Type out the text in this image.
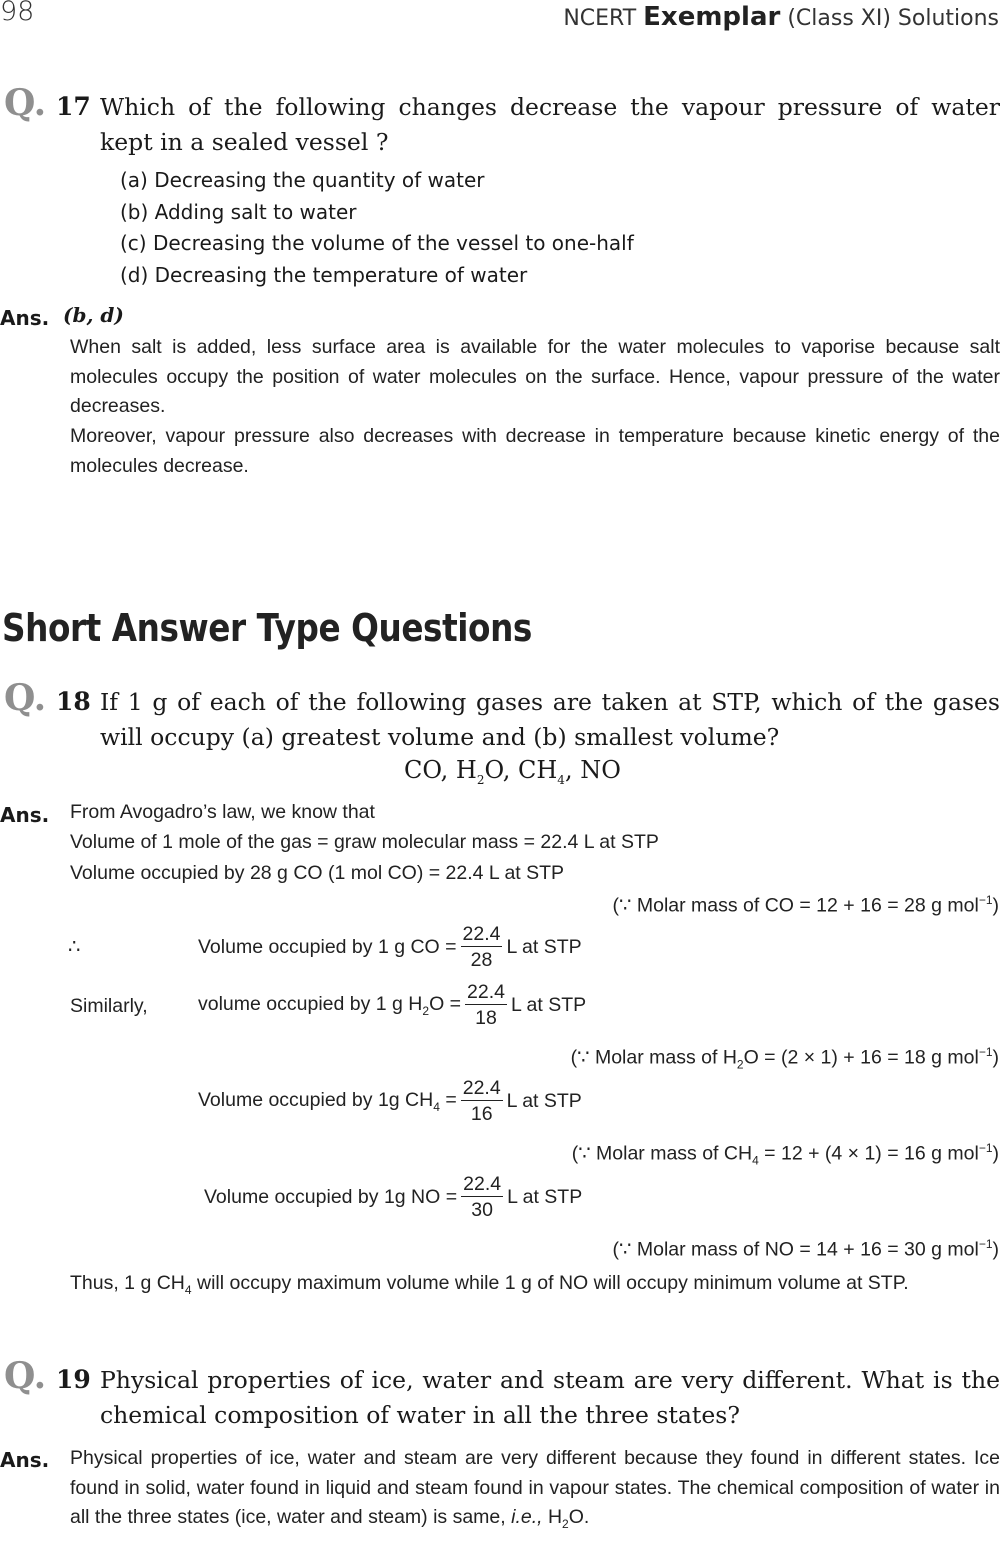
98	NCERT Exemplar (Class XI) Solutions
Q. 17 Which of the following changes decrease the vapour pressure of water kept in a sealed vessel ?
(a) Decreasing the quantity of water
(b) Adding salt to water
(c) Decreasing the volume of the vessel to one-half
(d) Decreasing the temperature of water
Ans. (b, d)
When salt is added, less surface area is available for the water molecules to vaporise because salt molecules occupy the position of water molecules on the surface. Hence, vapour pressure of the water decreases.
Moreover, vapour pressure also decreases with decrease in temperature because kinetic energy of the molecules decrease.
Short Answer Type Questions
Q. 18 If 1 g of each of the following gases are taken at STP, which of the gases will occupy (a) greatest volume and (b) smallest volume?
CO, $H_2O$, $CH_4$, NO
Ans. From Avogadro’s law, we know that
Volume of 1 mole of the gas = graw molecular mass = 22.4 L at STP
Volume occupied by 28 g CO (1 mol CO) = 22.4 L at STP
(∵ Molar mass of CO = 12 + 16 = 28 g mol$^{-1}$)
∴	Volume occupied by 1 g CO = $\frac{22.4}{28}$ L at STP
Similarly,	volume occupied by 1 g $H_2O = \frac{22.4}{18}$ L at STP
(∵ Molar mass of $H_2O = (2 \times 1) + 16 = 18$ g mol$^{-1}$)
Volume occupied by 1g $CH_4 = \frac{22.4}{16}$ L at STP
(∵ Molar mass of $CH_4 = 12 + (4 \times 1) = 16$ g mol$^{-1}$)
Volume occupied by 1g NO = $\frac{22.4}{30}$ L at STP
(∵ Molar mass of NO = 14 + 16 = 30 g mol$^{-1}$)
Thus, 1 g $CH_4$ will occupy maximum volume while 1 g of NO will occupy minimum volume at STP.
Q. 19 Physical properties of ice, water and steam are very different. What is the chemical composition of water in all the three states?
Ans. Physical properties of ice, water and steam are very different because they found in different states. Ice found in solid, water found in liquid and steam found in vapour states. The chemical composition of water in all the three states (ice, water and steam) is same, i.e., $H_2O$.
